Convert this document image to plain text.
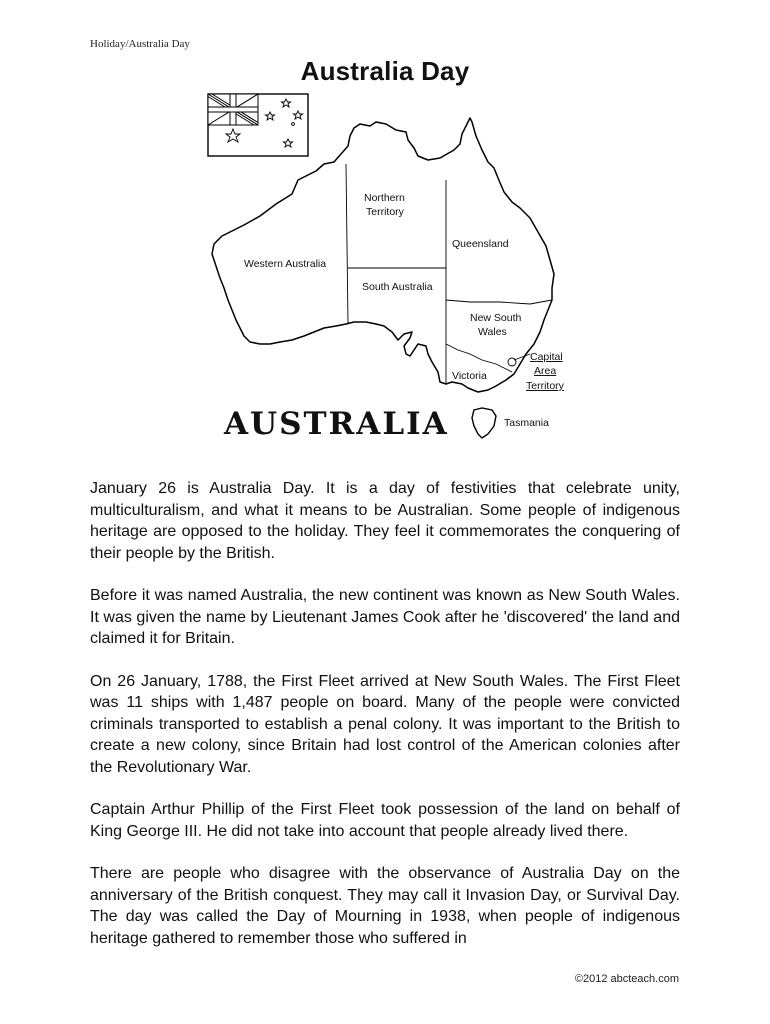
Holiday/Australia Day
Australia Day
Northern
Territory
Queensland
Western Australia
South Australia
New South
Wales
Victoria
Capital
Area
Territory
Tasmania
AUSTRALIA

January 26 is Australia Day. It is a day of festivities that celebrate unity, multiculturalism, and what it means to be Australian. Some people of indigenous heritage are opposed to the holiday. They feel it commemorates the conquering of their people by the British.

Before it was named Australia, the new continent was known as New South Wales. It was given the name by Lieutenant James Cook after he 'discovered' the land and claimed it for Britain.

On 26 January, 1788, the First Fleet arrived at New South Wales. The First Fleet was 11 ships with 1,487 people on board. Many of the people were convicted criminals transported to establish a penal colony. It was important to the British to create a new colony, since Britain had lost control of the American colonies after the Revolutionary War.

Captain Arthur Phillip of the First Fleet took possession of the land on behalf of King George III. He did not take into account that people already lived there.

There are people who disagree with the observance of Australia Day on the anniversary of the British conquest. They may call it Invasion Day, or Survival Day. The day was called the Day of Mourning in 1938, when people of indigenous heritage gathered to remember those who suffered in

©2012 abcteach.com
